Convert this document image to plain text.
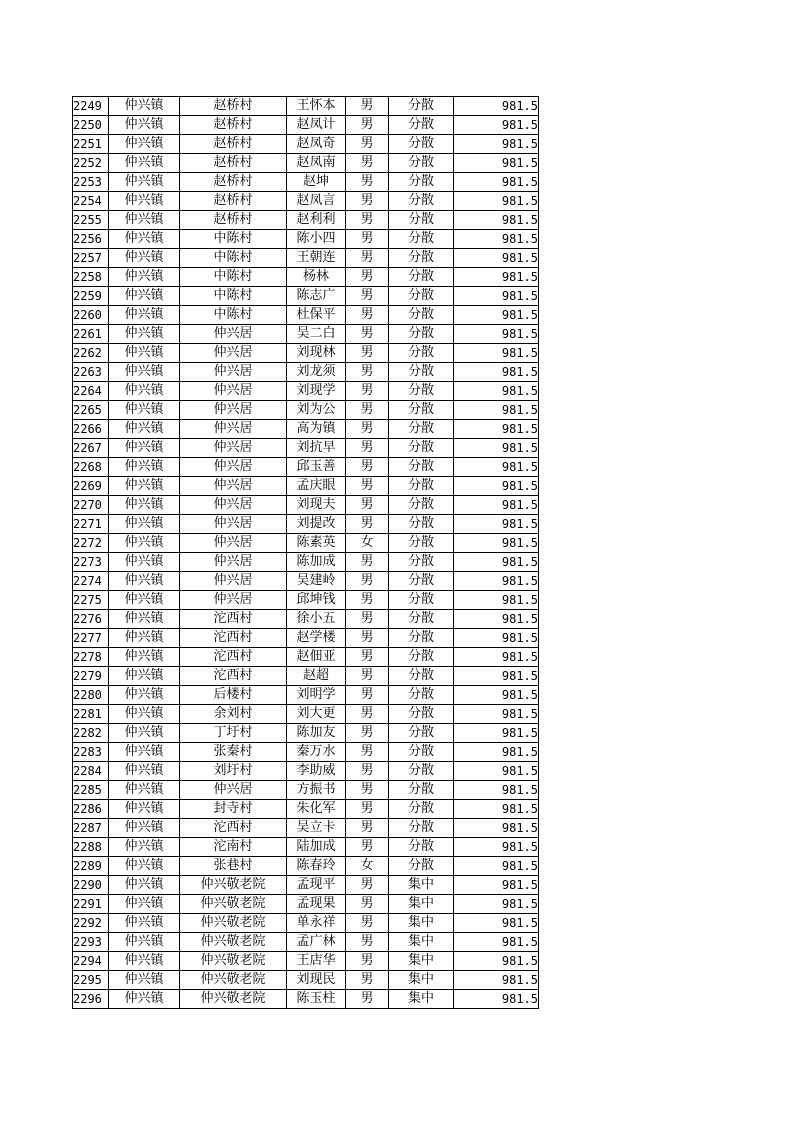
2249	仲兴镇	赵桥村	王怀本	男	分散	981.5
2250	仲兴镇	赵桥村	赵凤计	男	分散	981.5
2251	仲兴镇	赵桥村	赵凤奇	男	分散	981.5
2252	仲兴镇	赵桥村	赵凤南	男	分散	981.5
2253	仲兴镇	赵桥村	赵坤	男	分散	981.5
2254	仲兴镇	赵桥村	赵凤言	男	分散	981.5
2255	仲兴镇	赵桥村	赵利利	男	分散	981.5
2256	仲兴镇	中陈村	陈小四	男	分散	981.5
2257	仲兴镇	中陈村	王朝连	男	分散	981.5
2258	仲兴镇	中陈村	杨林	男	分散	981.5
2259	仲兴镇	中陈村	陈志广	男	分散	981.5
2260	仲兴镇	中陈村	杜保平	男	分散	981.5
2261	仲兴镇	仲兴居	吴二白	男	分散	981.5
2262	仲兴镇	仲兴居	刘现林	男	分散	981.5
2263	仲兴镇	仲兴居	刘龙须	男	分散	981.5
2264	仲兴镇	仲兴居	刘现学	男	分散	981.5
2265	仲兴镇	仲兴居	刘为公	男	分散	981.5
2266	仲兴镇	仲兴居	高为镇	男	分散	981.5
2267	仲兴镇	仲兴居	刘抗早	男	分散	981.5
2268	仲兴镇	仲兴居	邱玉善	男	分散	981.5
2269	仲兴镇	仲兴居	孟庆眼	男	分散	981.5
2270	仲兴镇	仲兴居	刘现夫	男	分散	981.5
2271	仲兴镇	仲兴居	刘提改	男	分散	981.5
2272	仲兴镇	仲兴居	陈素英	女	分散	981.5
2273	仲兴镇	仲兴居	陈加成	男	分散	981.5
2274	仲兴镇	仲兴居	吴建岭	男	分散	981.5
2275	仲兴镇	仲兴居	邱坤钱	男	分散	981.5
2276	仲兴镇	沱西村	徐小五	男	分散	981.5
2277	仲兴镇	沱西村	赵学楼	男	分散	981.5
2278	仲兴镇	沱西村	赵佃亚	男	分散	981.5
2279	仲兴镇	沱西村	赵超	男	分散	981.5
2280	仲兴镇	后楼村	刘明学	男	分散	981.5
2281	仲兴镇	余刘村	刘大更	男	分散	981.5
2282	仲兴镇	丁圩村	陈加友	男	分散	981.5
2283	仲兴镇	张秦村	秦万水	男	分散	981.5
2284	仲兴镇	刘圩村	李助威	男	分散	981.5
2285	仲兴镇	仲兴居	方振书	男	分散	981.5
2286	仲兴镇	封寺村	朱化军	男	分散	981.5
2287	仲兴镇	沱西村	吴立卡	男	分散	981.5
2288	仲兴镇	沱南村	陆加成	男	分散	981.5
2289	仲兴镇	张巷村	陈春玲	女	分散	981.5
2290	仲兴镇	仲兴敬老院	孟现平	男	集中	981.5
2291	仲兴镇	仲兴敬老院	孟现果	男	集中	981.5
2292	仲兴镇	仲兴敬老院	单永祥	男	集中	981.5
2293	仲兴镇	仲兴敬老院	孟广林	男	集中	981.5
2294	仲兴镇	仲兴敬老院	王店华	男	集中	981.5
2295	仲兴镇	仲兴敬老院	刘现民	男	集中	981.5
2296	仲兴镇	仲兴敬老院	陈玉柱	男	集中	981.5
